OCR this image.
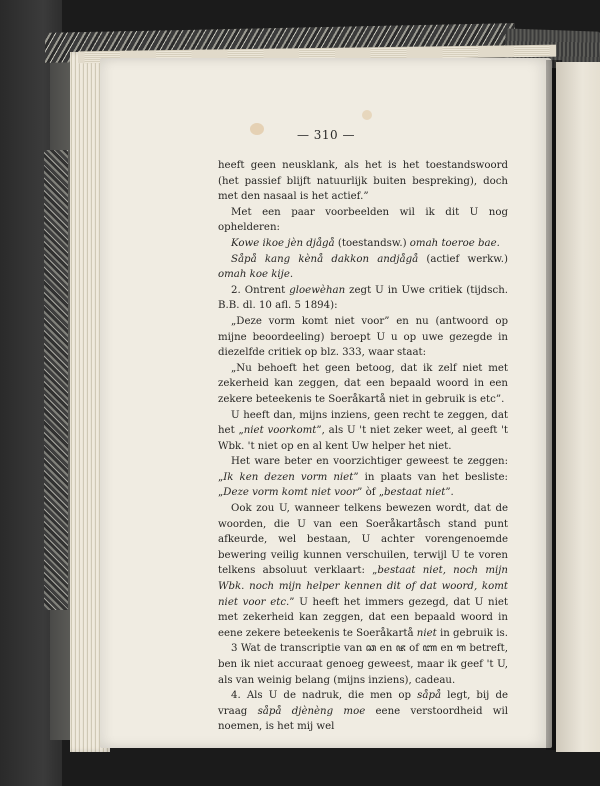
— 310 —

heeft geen neusklank, als het is het toestandswoord (het passief blijft natuurlijk buiten bespreking), doch met den nasaal is het actief.”

Met een paar voorbeelden wil ik dit U nog ophelderen:

Kowe ikoe jèn djågå (toestandsw.) omah toeroe bae.

Såpå kang kènå dakkon andjågå (actief werkw.) omah koe kije.

2. Ontrent gloewèhan zegt U in Uwe critiek (tijdsch. B.B. dl. 10 afl. 5 1894):

„Deze vorm komt niet voor” en nu (antwoord op mijne beoordeeling) beroept U u op uwe gezegde in diezelfde critiek op blz. 333, waar staat:

„Nu behoeft het geen betoog, dat ik zelf niet met zekerheid kan zeggen, dat een bepaald woord in een zekere beteekenis te Soeråkartå niet in gebruik is etc”.

U heeft dan, mijns inziens, geen recht te zeggen, dat het „niet voorkomt”, als U 't niet zeker weet, al geeft 't Wbk. 't niet op en al kent Uw helper het niet.

Het ware beter en voorzichtiger geweest te zeggen: „Ik ken dezen vorm niet” in plaats van het besliste: „Deze vorm komt niet voor” òf „bestaat niet”.

Ook zou U, wanneer telkens bewezen wordt, dat de woorden, die U van een Soeråkartåsch stand punt afkeurde, wel bestaan, U achter vorengenoemde bewering veilig kunnen verschuilen, terwijl U te voren telkens absoluut verklaart: „bestaat niet, noch mijn Wbk. noch mijn helper kennen dit of dat woord, komt niet voor etc.” U heeft het immers gezegd, dat U niet met zekerheid kan zeggen, dat een bepaald woord in eene zekere beteekenis te Soeråkartå niet in gebruik is.

3 Wat de transcriptie van ꦕ en ꦗ of ꦚ en ꦒ betreft, ben ik niet accuraat genoeg geweest, maar ik geef 't U, als van weinig belang (mijns inziens), cadeau.

4. Als U de nadruk, die men op såpå legt, bij de vraag såpå djènèng moe eene verstoordheid wil noemen, is het mij wel
